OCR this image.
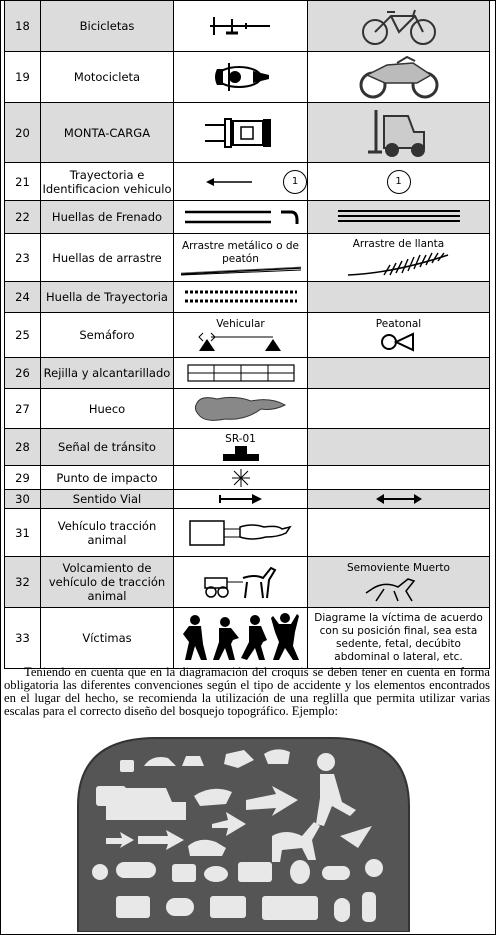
18	Bicicletas	

19	Motocicleta	

20	MONTA-CARGA	

21	Trayectoria e Identificacion vehiculo	1	1

22	Huellas de Frenado	

23	Huellas de arrastre	Arrastre metálico o de peatón	Arrastre de llanta

24	Huella de Trayectoria	

25	Semáforo	Vehicular	Peatonal

26	Rejilla y alcantarillado	

27	Hueco	

28	Señal de tránsito	SR-01	

29	Punto de impacto	

30	Sentido Vial	

31	Vehículo tracción animal	

32	Volcamiento de vehículo de tracción animal		Semoviente Muerto

33	Víctimas		Diagrame la víctima de acuerdo con su posición final, sea esta sedente, fetal, decúbito abdominal o lateral, etc.
Teniendo en cuenta que en la diagramación del croquis se deben tener en cuenta en forma obligatoria las diferentes convenciones según el tipo de accidente y los elementos encontrados en el lugar del hecho, se recomienda la utilización de una reglilla que permita utilizar varias escalas para el correcto diseño del bosquejo topográfico. Ejemplo:
